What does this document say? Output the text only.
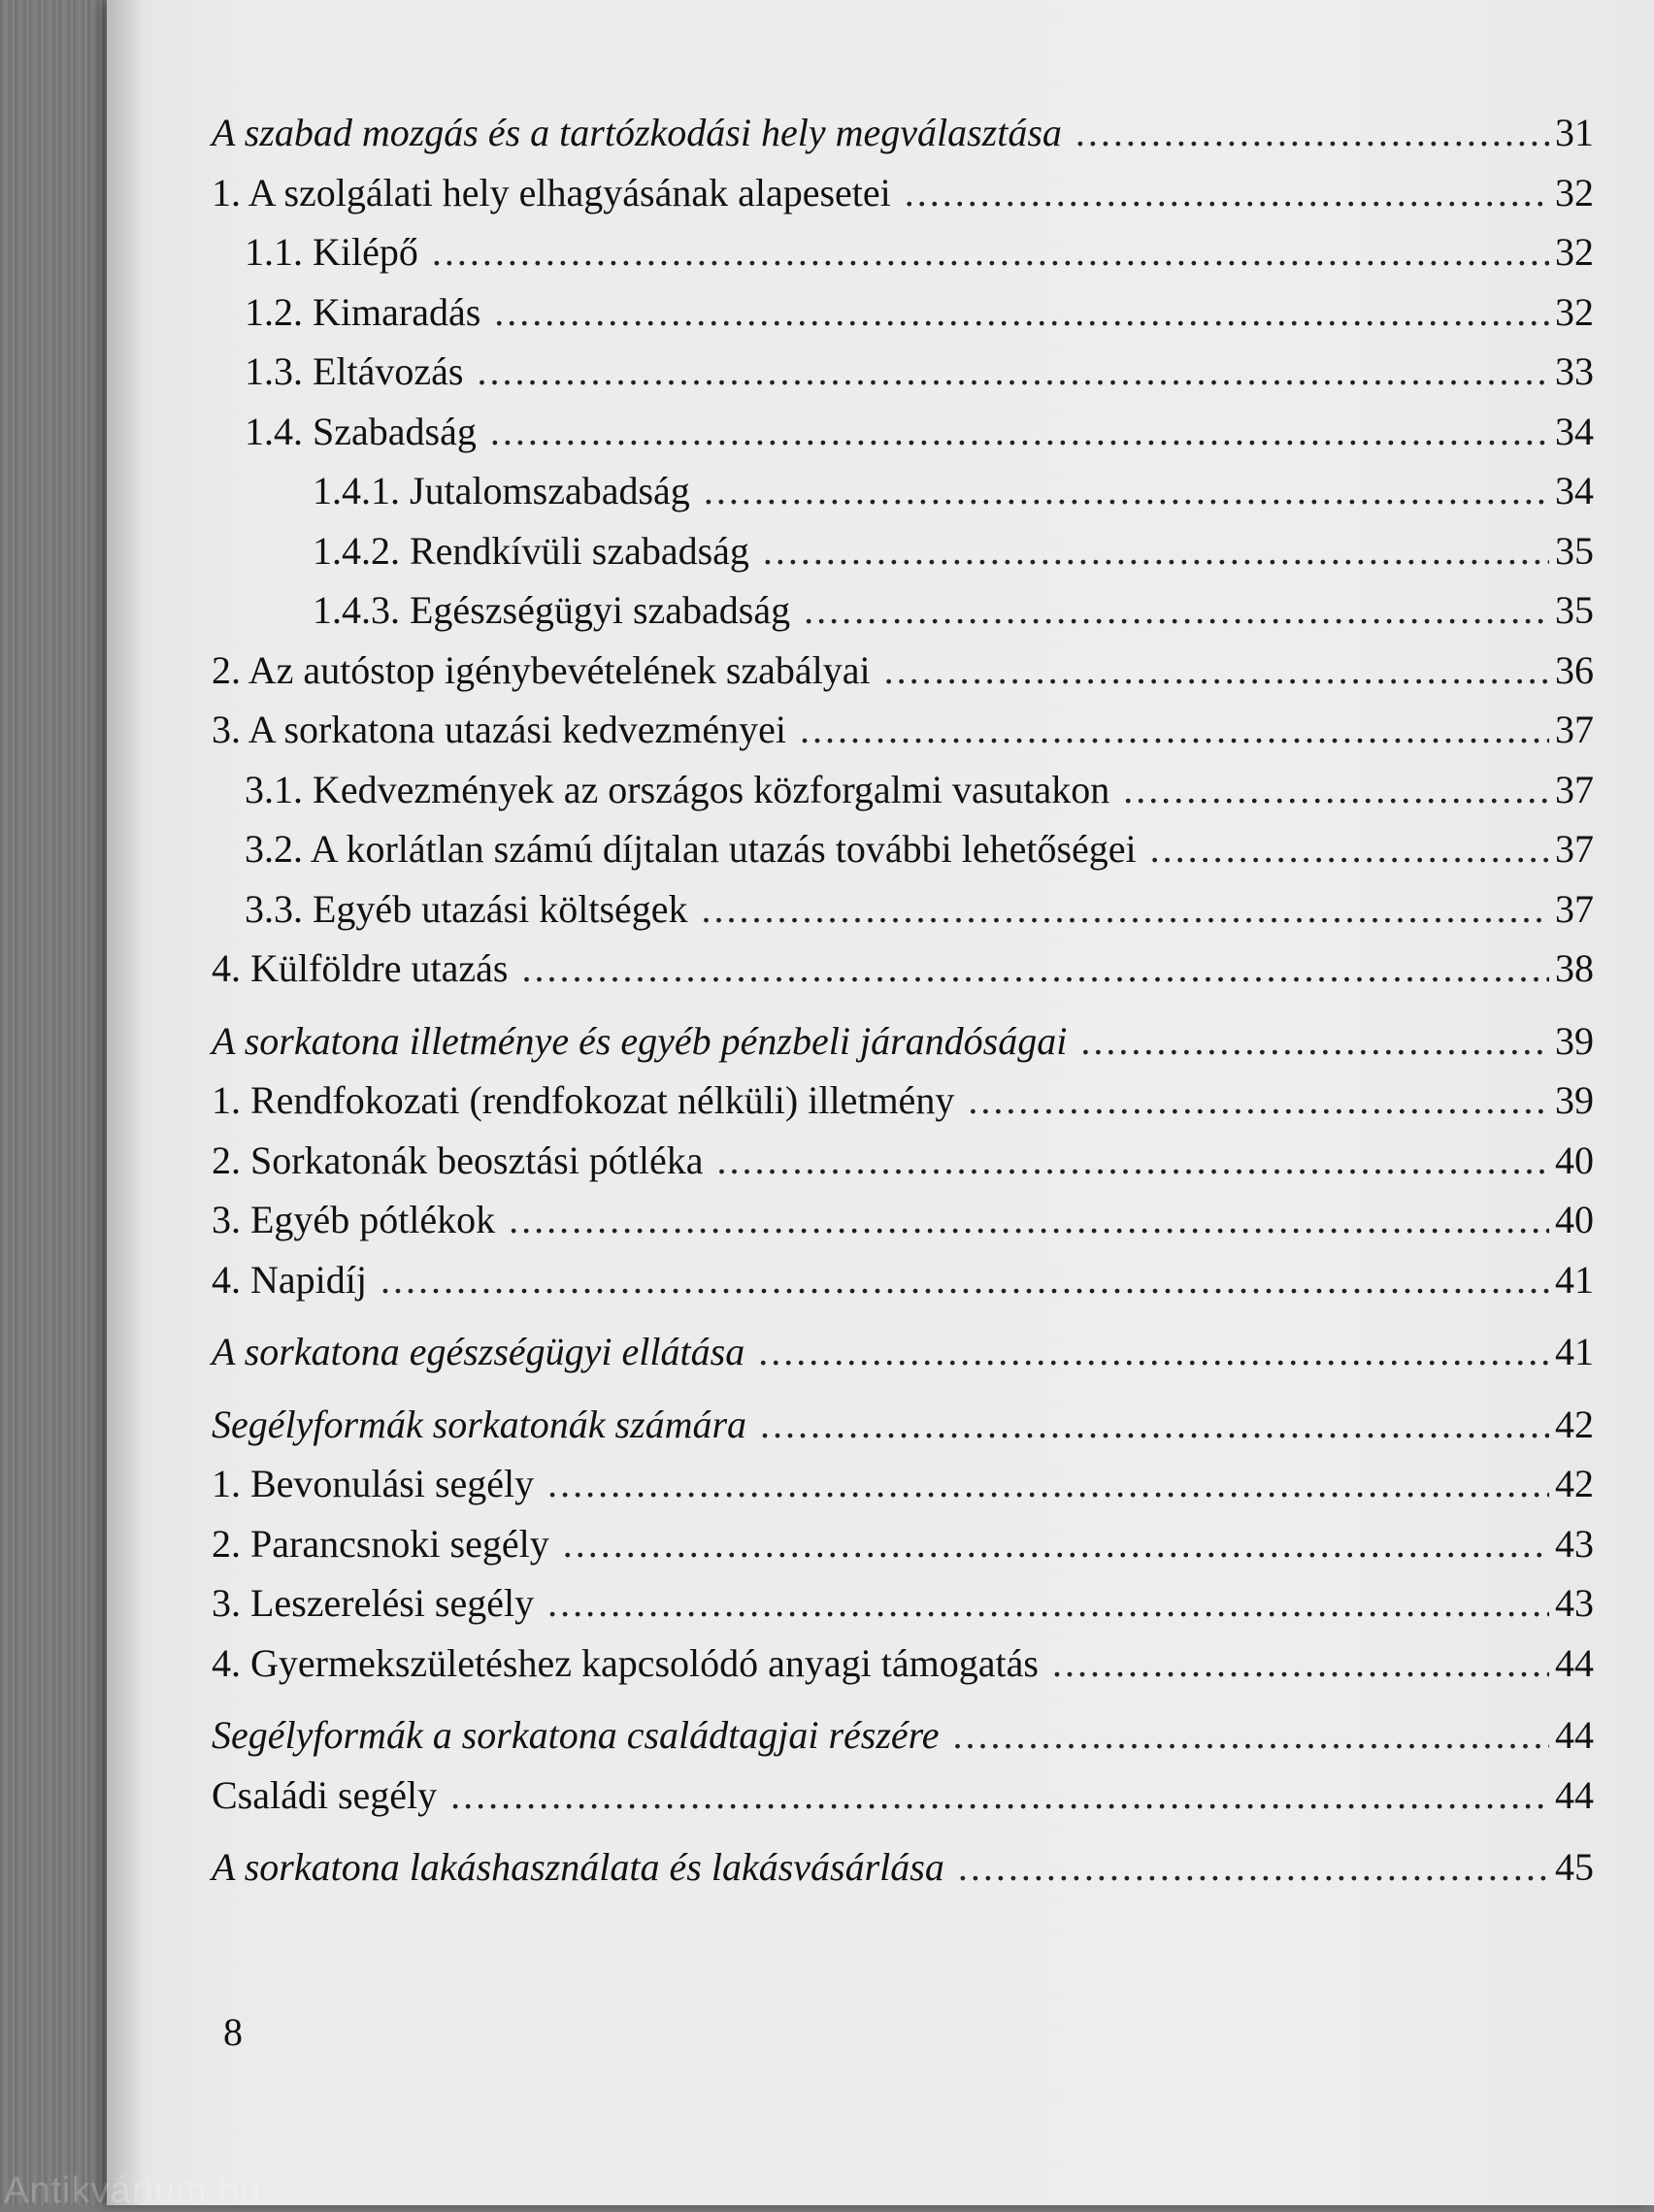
A szabad mozgás és a tartózkodási hely megválasztása .....	31
1. A szolgálati hely elhagyásának alapesetei .....	32
1.1. Kilépő .....	32
1.2. Kimaradás .....	32
1.3. Eltávozás .....	33
1.4. Szabadság .....	34
1.4.1. Jutalomszabadság .....	34
1.4.2. Rendkívüli szabadság .....	35
1.4.3. Egészségügyi szabadság .....	35
2. Az autóstop igénybevételének szabályai .....	36
3. A sorkatona utazási kedvezményei .....	37
3.1. Kedvezmények az országos közforgalmi vasutakon .....	37
3.2. A korlátlan számú díjtalan utazás további lehetőségei .....	37
3.3. Egyéb utazási költségek .....	37
4. Külföldre utazás .....	38
A sorkatona illetménye és egyéb pénzbeli járandóságai .....	39
1. Rendfokozati (rendfokozat nélküli) illetmény .....	39
2. Sorkatonák beosztási pótléka .....	40
3. Egyéb pótlékok .....	40
4. Napidíj .....	41
A sorkatona egészségügyi ellátása .....	41
Segélyformák sorkatonák számára .....	42
1. Bevonulási segély .....	42
2. Parancsnoki segély .....	43
3. Leszerelési segély .....	43
4. Gyermekszületéshez kapcsolódó anyagi támogatás .....	44
Segélyformák a sorkatona családtagjai részére .....	44
Családi segély .....	44
A sorkatona lakáshasználata és lakásvásárlása .....	45
8
Antikvárium.hu
